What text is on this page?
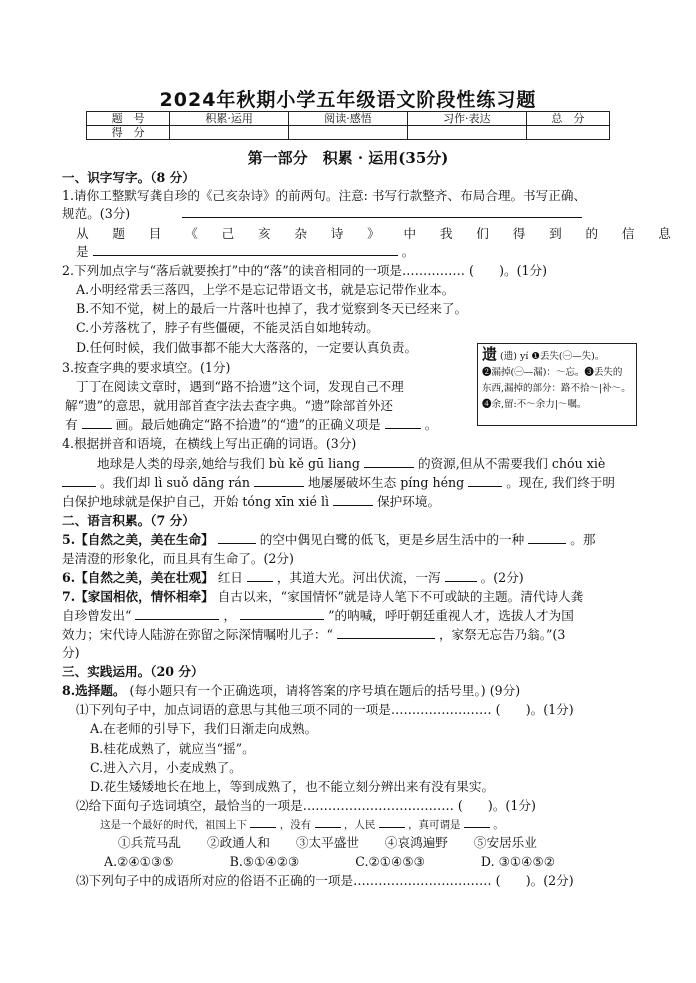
2024年秋期小学五年级语文阶段性练习题
题　号	积累·运用	阅读·感悟	习作·表达	总　分
得　分				
第一部分　积累 · 运用(35分)
一、识字写字。（8 分）
1.请你工整默写龚自珍的《己亥杂诗》的前两句。注意: 书写行款整齐、布局合理。书写正确、
规范。(3分)
从 题 目 《 己 亥 杂 诗 》 中 我 们 得 到 的 信 息
是	。
2.下列加点字与“落后就要挨打”中的“落”的读音相同的一项是…………… (　　)。(1分)
A.小明经常丢三落四，上学不是忘记带语文书，就是忘记带作业本。
B.不知不觉，树上的最后一片落叶也掉了，我才觉察到冬天已经来了。
C.小芳落枕了，脖子有些僵硬，不能灵活自如地转动。
D.任何时候，我们做事都不能大大落落的，一定要认真负责。
3.按查字典的要求填空。(1分)
丁丁在阅读文章时，遇到“路不拾遗”这个词，发现自己不理
解“遗”的意思，就用部首查字法去查字典。“遗”除部首外还
有	画。最后她确定“路不拾遗”的“遗”的正确义项是	。
遗 (遗) yí ❶丢失(㊀—失)。
❷漏掉(㊀—漏)：～忘。❸丢失的
东西,漏掉的部分：路不拾～|补～。
❹余,留:不～余力|～嘱。
4.根据拼音和语境，在横线上写出正确的词语。(3分)
地球是人类的母亲,她给与我们 bù kě gū liang	的资源,但从不需要我们 chóu xiè
。我们却 lì suǒ dāng rán	地屡屡破坏生态 píng héng	。现在, 我们终于明
白保护地球就是保护自己，开始 tóng xīn xié lì	保护环境。
二、语言积累。（7 分）
5.【自然之美，美在生命】	的空中偶见白鹭的低飞，更是乡居生活中的一种	。那
是清澄的形象化，而且具有生命了。(2分)
6.【自然之美，美在壮观】 红日	，其道大光。河出伏流，一泻	。(2分)
7.【家国相依，情怀相牵】 自古以来，“家国情怀”就是诗人笔下不可或缺的主题。清代诗人龚
自珍曾发出“	，	”的呐喊，呼吁朝廷重视人才，选拔人才为国
效力；宋代诗人陆游在弥留之际深情嘱咐儿子：“	，家祭无忘告乃翁。”(3
分)
三、实践运用。（20 分）
8.选择题。 (每小题只有一个正确选项，请将答案的序号填在题后的括号里。) (9分)
⑴下列句子中，加点词语的意思与其他三项不同的一项是…………………… (　　)。(1分)
A.在老师的引导下，我们日渐走向成熟。
B.桂花成熟了，就应当“摇”。
C.进入六月，小麦成熟了。
D.花生矮矮地长在地上，等到成熟了，也不能立刻分辨出来有没有果实。
⑵给下面句子选词填空，最恰当的一项是……………………………… (　　)。(1分)
这是一个最好的时代，祖国上下	，没有	，人民	，真可谓是	。
①兵荒马乱 ②政通人和 ③太平盛世 ④哀鸿遍野 ⑤安居乐业
A.②④①③⑤	B.⑤①④②③	C.②①④⑤③	D. ③①④⑤②
⑶下列句子中的成语所对应的俗语不正确的一项是…………………………… (　　)。(2分)
